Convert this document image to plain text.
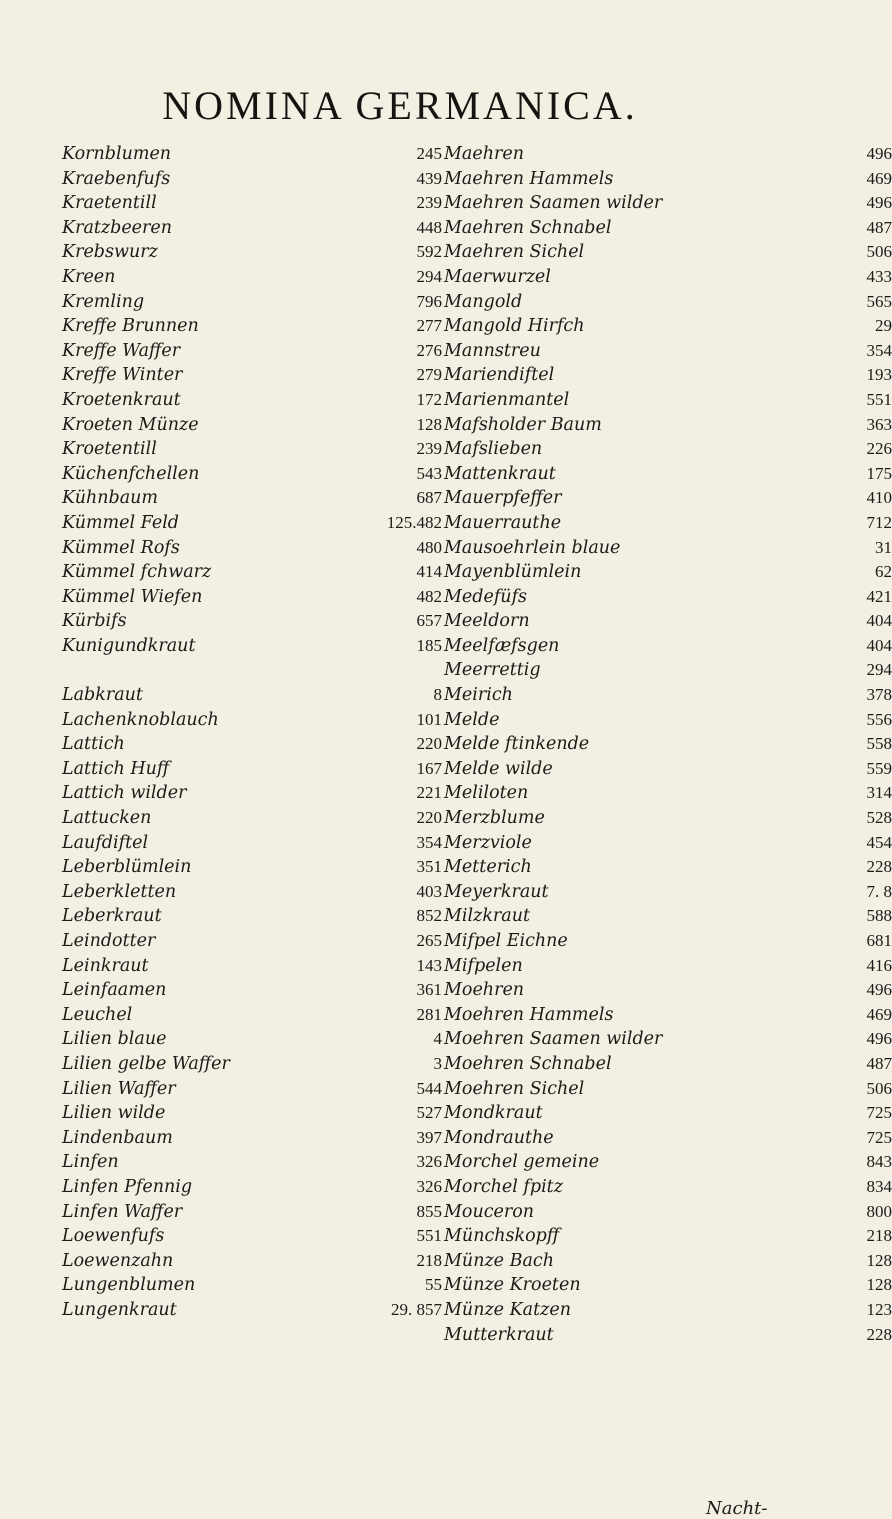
NOMINA GERMANICA.
Kornblumen	245
Kraebenfufs	439
Kraetentill	239
Kratzbeeren	448
Krebswurz	592
Kreen	294
Kremling	796
Kreffe Brunnen	277
Kreffe Waffer	276
Kreffe Winter	279
Kroetenkraut	172
Kroeten Münze	128
Kroetentill	239
Küchenfchellen	543
Kühnbaum	687
Kümmel Feld	125.482
Kümmel Rofs	480
Kümmel fchwarz	414
Kümmel Wiefen	482
Kürbifs	657
Kunigundkraut	185
Labkraut	8
Lachenknoblauch	101
Lattich	220
Lattich Huff	167
Lattich wilder	221
Lattucken	220
Laufdiftel	354
Leberblümlein	351
Leberkletten	403
Leberkraut	852
Leindotter	265
Leinkraut	143
Leinfaamen	361
Leuchel	281
Lilien blaue	4
Lilien gelbe Waffer	3
Lilien Waffer	544
Lilien wilde	527
Lindenbaum	397
Linfen	326
Linfen Pfennig	326
Linfen Waffer	855
Loewenfufs	551
Loewenzahn	218
Lungenblumen	55
Lungenkraut	29. 857
Maehren	496
Maehren Hammels	469
Maehren Saamen wilder	496
Maehren Schnabel	487
Maehren Sichel	506
Maerwurzel	433
Mangold	565
Mangold Hirfch	29
Mannstreu	354
Mariendiftel	193
Marienmantel	551
Mafsholder Baum	363
Mafslieben	226
Mattenkraut	175
Mauerpfeffer	410
Mauerrauthe	712
Mausoehrlein blaue	31
Mayenblümlein	62
Medefüfs	421
Meeldorn	404
Meelfæfsgen	404
Meerrettig	294
Meirich	378
Melde	556
Melde ftinkende	558
Melde wilde	559
Meliloten	314
Merzblume	528
Merzviole	454
Metterich	228
Meyerkraut	7. 8
Milzkraut	588
Mifpel Eichne	681
Mifpelen	416
Moehren	496
Moehren Hammels	469
Moehren Saamen wilder	496
Moehren Schnabel	487
Moehren Sichel	506
Mondkraut	725
Mondrauthe	725
Morchel gemeine	843
Morchel fpitz	834
Mouceron	800
Münchskopff	218
Münze Bach	128
Münze Kroeten	128
Münze Katzen	123
Mutterkraut	228
Nacht-
